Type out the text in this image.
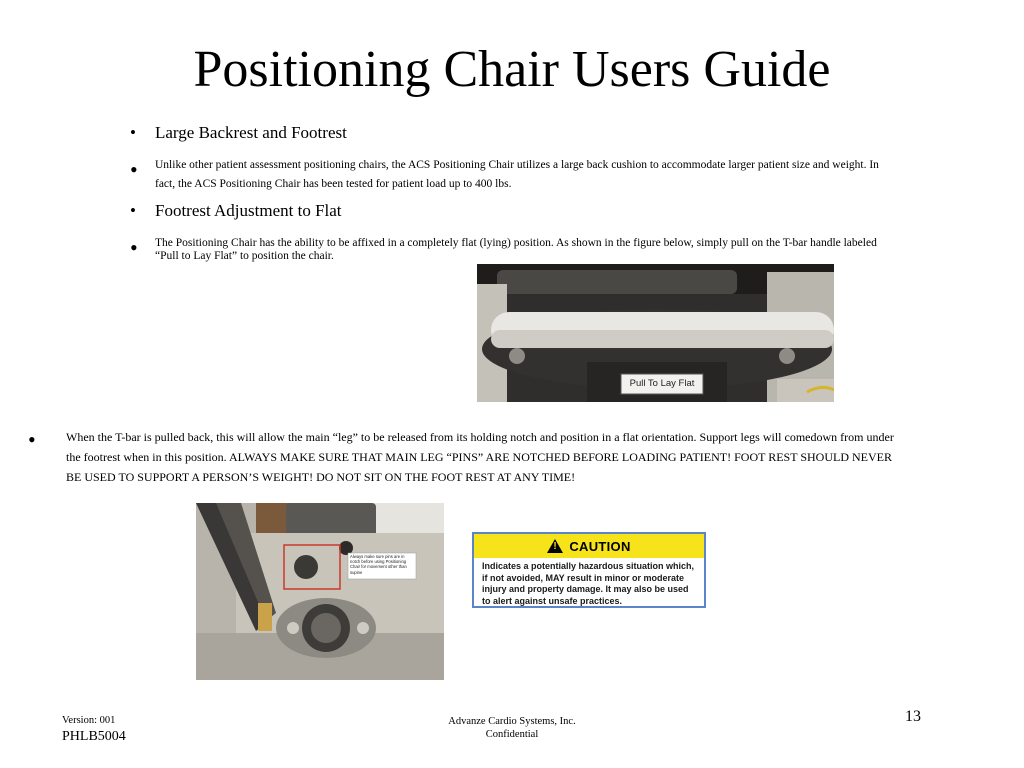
Positioning Chair Users Guide
• Large Backrest and Footrest
• Unlike other patient assessment positioning chairs, the ACS Positioning Chair utilizes a large back cushion to accommodate larger patient size and weight. In fact, the ACS Positioning Chair has been tested for patient load up to 400 lbs.
• Footrest Adjustment to Flat
• The Positioning Chair has the ability to be affixed in a completely flat (lying) position. As shown in the figure below, simply pull on the T-bar handle labeled “Pull to Lay Flat” to position the chair.
Pull To Lay Flat
•	When the T-bar is pulled back, this will allow the main “leg” to be released from its holding notch and position in a flat orientation. Support legs will comedown from under the footrest when in this position. ALWAYS MAKE SURE THAT MAIN LEG “PINS” ARE NOTCHED BEFORE LOADING PATIENT! FOOT REST SHOULD NEVER BE USED TO SUPPORT A PERSON’S WEIGHT! DO NOT SIT ON THE FOOT REST AT ANY TIME!
Always make sure pins are in notch before using Positioning Chair for movement other than supine
! CAUTION
Indicates a potentially hazardous situation which, if not avoided, MAY result in minor or moderate injury and property damage. It may also be used to alert against unsafe practices.
Version: 001
PHLB5004
Advanze Cardio Systems, Inc.
Confidential
13
